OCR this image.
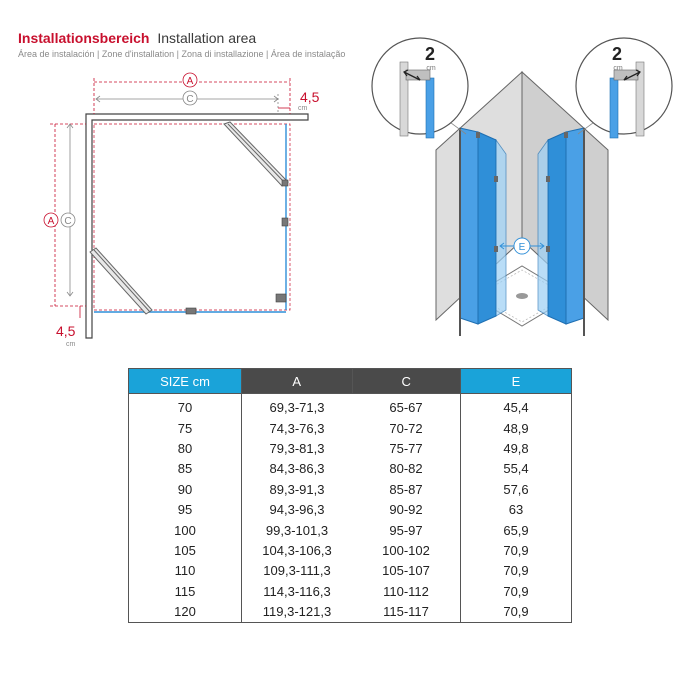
Installationsbereich Installation area
Área de instalación | Zone d'installation | Zona di installazione | Área de instalação
A
C	4,5
cm
A C
4,5
cm
E
2
cm
2
cm
SIZE cm	A	C	E
70	69,3-71,3	65-67	45,4
75	74,3-76,3	70-72	48,9
80	79,3-81,3	75-77	49,8
85	84,3-86,3	80-82	55,4
90	89,3-91,3	85-87	57,6
95	94,3-96,3	90-92	63
100	99,3-101,3	95-97	65,9
105	104,3-106,3	100-102	70,9
110	109,3-111,3	105-107	70,9
115	114,3-116,3	110-112	70,9
120	119,3-121,3	115-117	70,9
